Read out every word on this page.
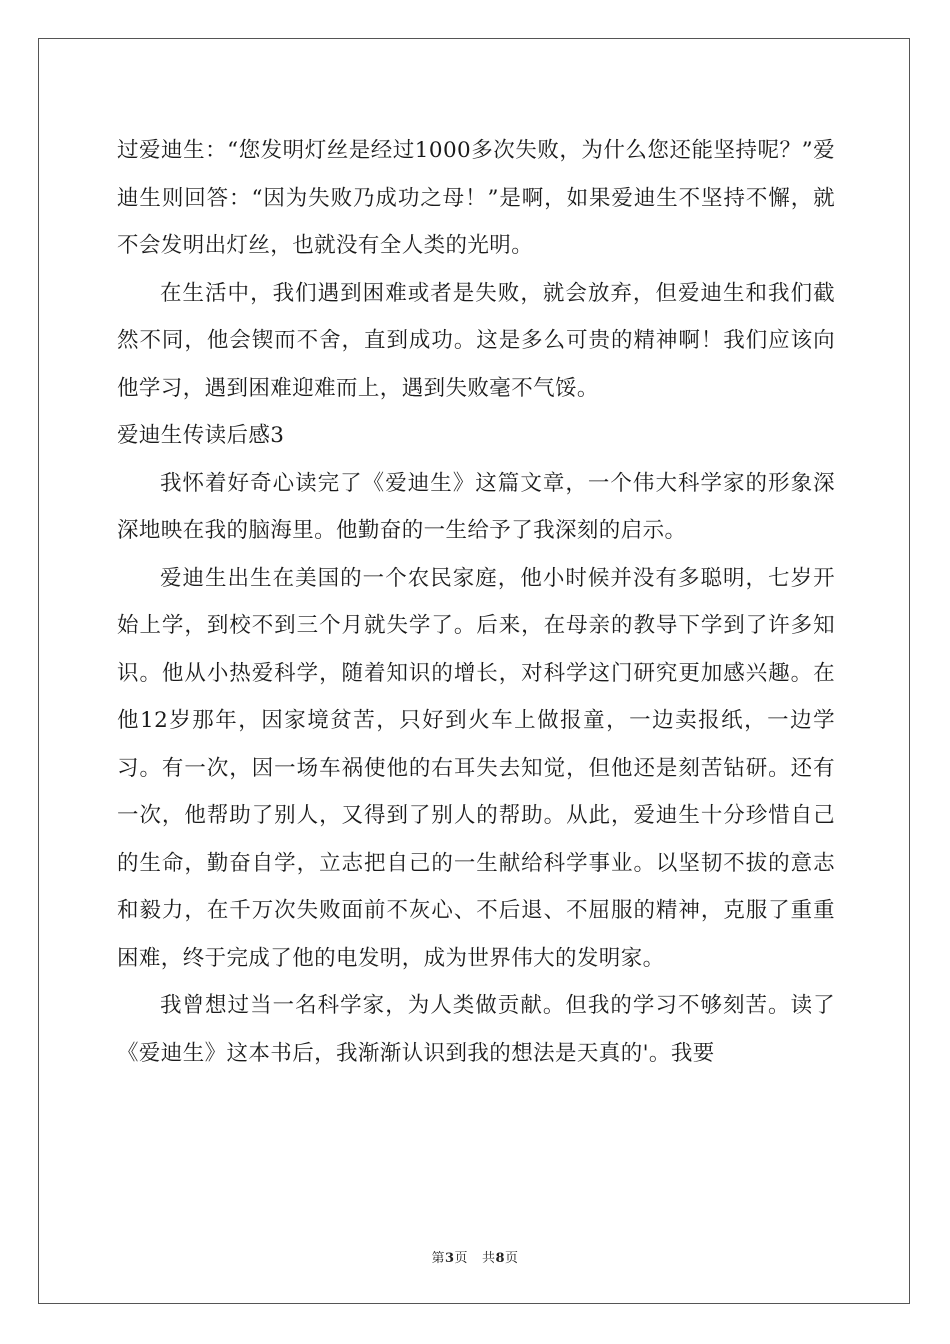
过爱迪生：“您发明灯丝是经过1000多次失败，为什么您还能坚持呢？”爱迪生则回答：“因为失败乃成功之母！”是啊，如果爱迪生不坚持不懈，就不会发明出灯丝，也就没有全人类的光明。

在生活中，我们遇到困难或者是失败，就会放弃，但爱迪生和我们截然不同，他会锲而不舍，直到成功。这是多么可贵的精神啊！我们应该向他学习，遇到困难迎难而上，遇到失败毫不气馁。

爱迪生传读后感3

我怀着好奇心读完了《爱迪生》这篇文章，一个伟大科学家的形象深深地映在我的脑海里。他勤奋的一生给予了我深刻的启示。

爱迪生出生在美国的一个农民家庭，他小时候并没有多聪明，七岁开始上学，到校不到三个月就失学了。后来，在母亲的教导下学到了许多知识。他从小热爱科学，随着知识的增长，对科学这门研究更加感兴趣。在他12岁那年，因家境贫苦，只好到火车上做报童，一边卖报纸，一边学习。有一次，因一场车祸使他的右耳失去知觉，但他还是刻苦钻研。还有一次，他帮助了别人，又得到了别人的帮助。从此，爱迪生十分珍惜自己的生命，勤奋自学，立志把自己的一生献给科学事业。以坚韧不拔的意志和毅力，在千万次失败面前不灰心、不后退、不屈服的精神，克服了重重困难，终于完成了他的电发明，成为世界伟大的发明家。

我曾想过当一名科学家，为人类做贡献。但我的学习不够刻苦。读了《爱迪生》这本书后，我渐渐认识到我的想法是天真的'。我要

第3页 共8页
